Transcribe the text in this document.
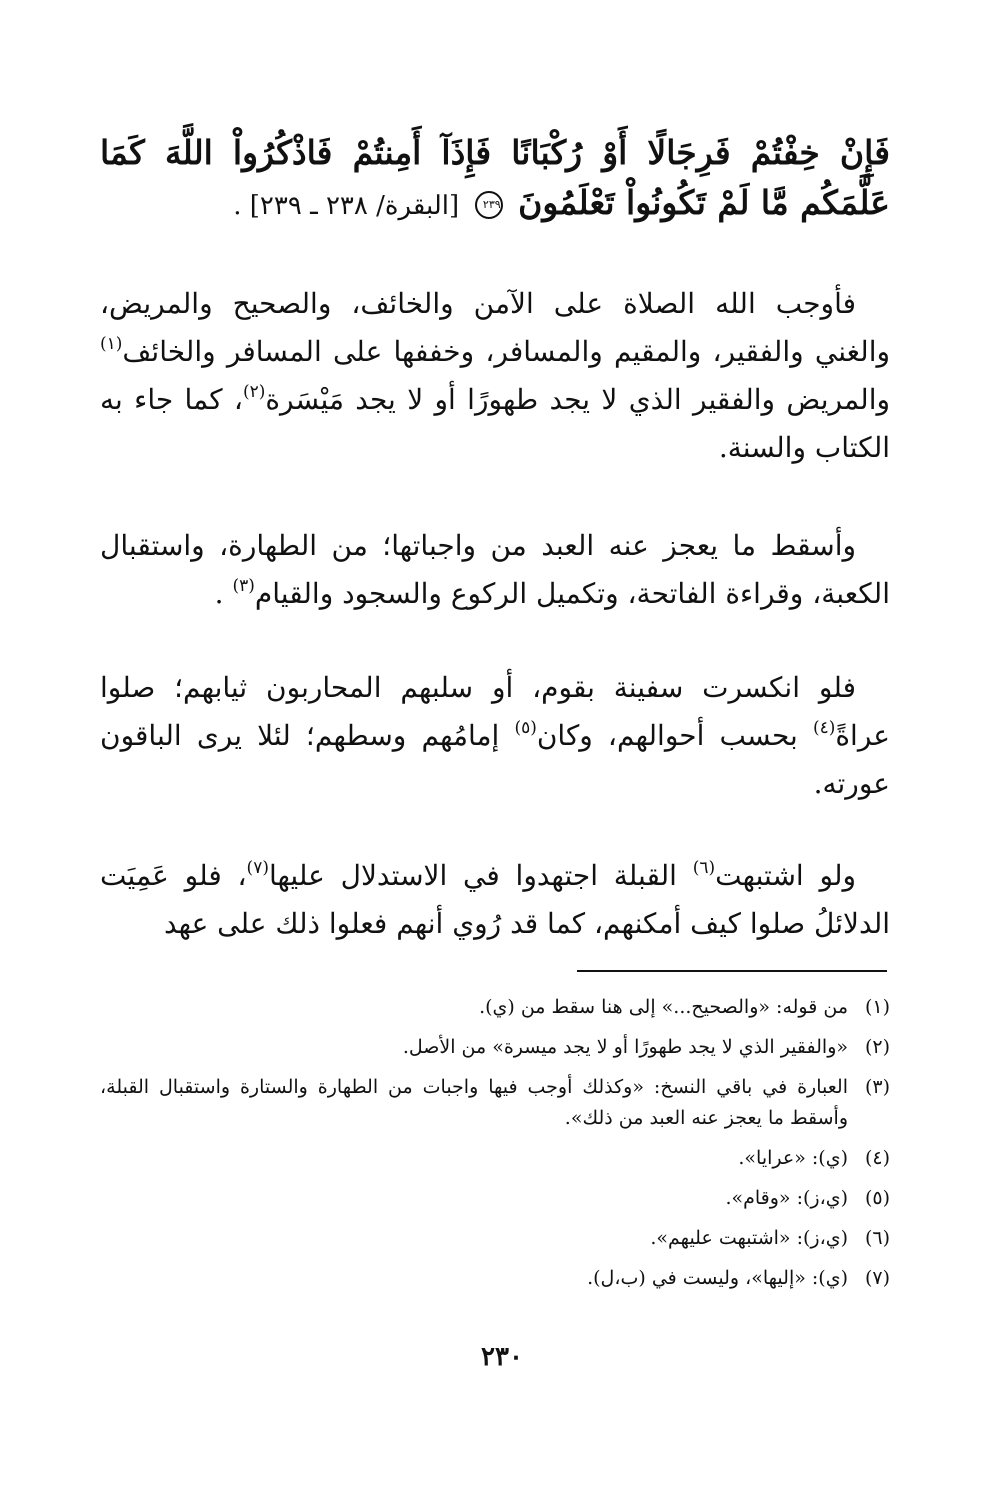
فَإِنْ خِفْتُمْ فَرِجَالًا أَوْ رُكْبَانًا فَإِذَآ أَمِنتُمْ فَاذْكُرُواْ اللَّهَ كَمَا عَلَّمَكُم مَّا لَمْ تَكُونُواْ تَعْلَمُونَ ٢٣٩ [البقرة/ ٢٣٨ ـ ٢٣٩] .
فأوجب الله الصلاة على الآمن والخائف، والصحيح والمريض، والغني والفقير، والمقيم والمسافر، وخففها على المسافر والخائف$^{(١)}$ والمريض والفقير الذي لا يجد طهورًا أو لا يجد مَيْسَرة$^{(٢)}$، كما جاء به الكتاب والسنة.
وأسقط ما يعجز عنه العبد من واجباتها؛ من الطهارة، واستقبال الكعبة، وقراءة الفاتحة، وتكميل الركوع والسجود والقيام$^{(٣)}$ .
فلو انكسرت سفينة بقوم، أو سلبهم المحاربون ثيابهم؛ صلوا عراةً$^{(٤)}$ بحسب أحوالهم، وكان$^{(٥)}$ إمامُهم وسطهم؛ لئلا يرى الباقون عورته.
ولو اشتبهت$^{(٦)}$ القبلة اجتهدوا في الاستدلال عليها$^{(٧)}$، فلو عَمِيَت الدلائلُ صلوا كيف أمكنهم، كما قد رُوي أنهم فعلوا ذلك على عهد
(١)
من قوله: «والصحيح...» إلى هنا سقط من (ي).
(٢)
«والفقير الذي لا يجد طهورًا أو لا يجد ميسرة» من الأصل.
(٣)
العبارة في باقي النسخ: «وكذلك أوجب فيها واجبات من الطهارة والستارة واستقبال القبلة، وأسقط ما يعجز عنه العبد من ذلك».
(٤)
(ي): «عرايا».
(٥)
(ي،ز): «وقام».
(٦)
(ي،ز): «اشتبهت عليهم».
(٧)
(ي): «إليها»، وليست في (ب،ل).
٢٣٠
